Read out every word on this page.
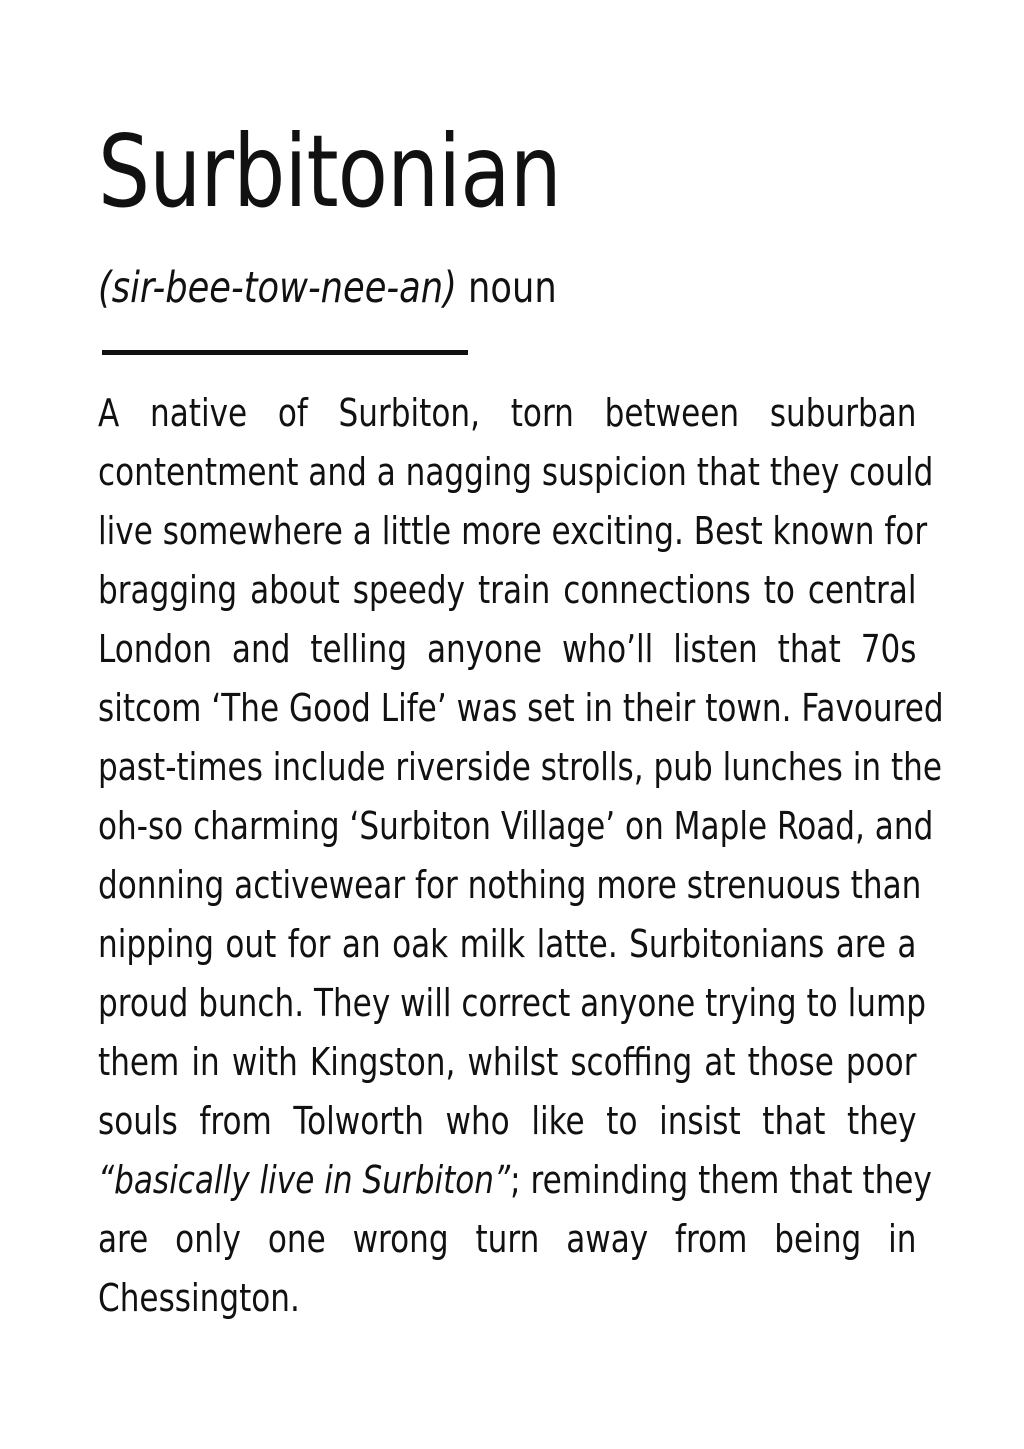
Surbitonian
(sir-bee-tow-nee-an) noun
A native of Surbiton, torn between suburban
contentment and a nagging suspicion that they could
live somewhere a little more exciting. Best known for
bragging about speedy train connections to central
London and telling anyone who’ll listen that 70s
sitcom ‘The Good Life’ was set in their town. Favoured
past-times include riverside strolls, pub lunches in the
oh-so charming ‘Surbiton Village’ on Maple Road, and
donning activewear for nothing more strenuous than
nipping out for an oak milk latte. Surbitonians are a
proud bunch. They will correct anyone trying to lump
them in with Kingston, whilst scoffing at those poor
souls from Tolworth who like to insist that they
“basically live in Surbiton”; reminding them that they
are only one wrong turn away from being in
Chessington.
